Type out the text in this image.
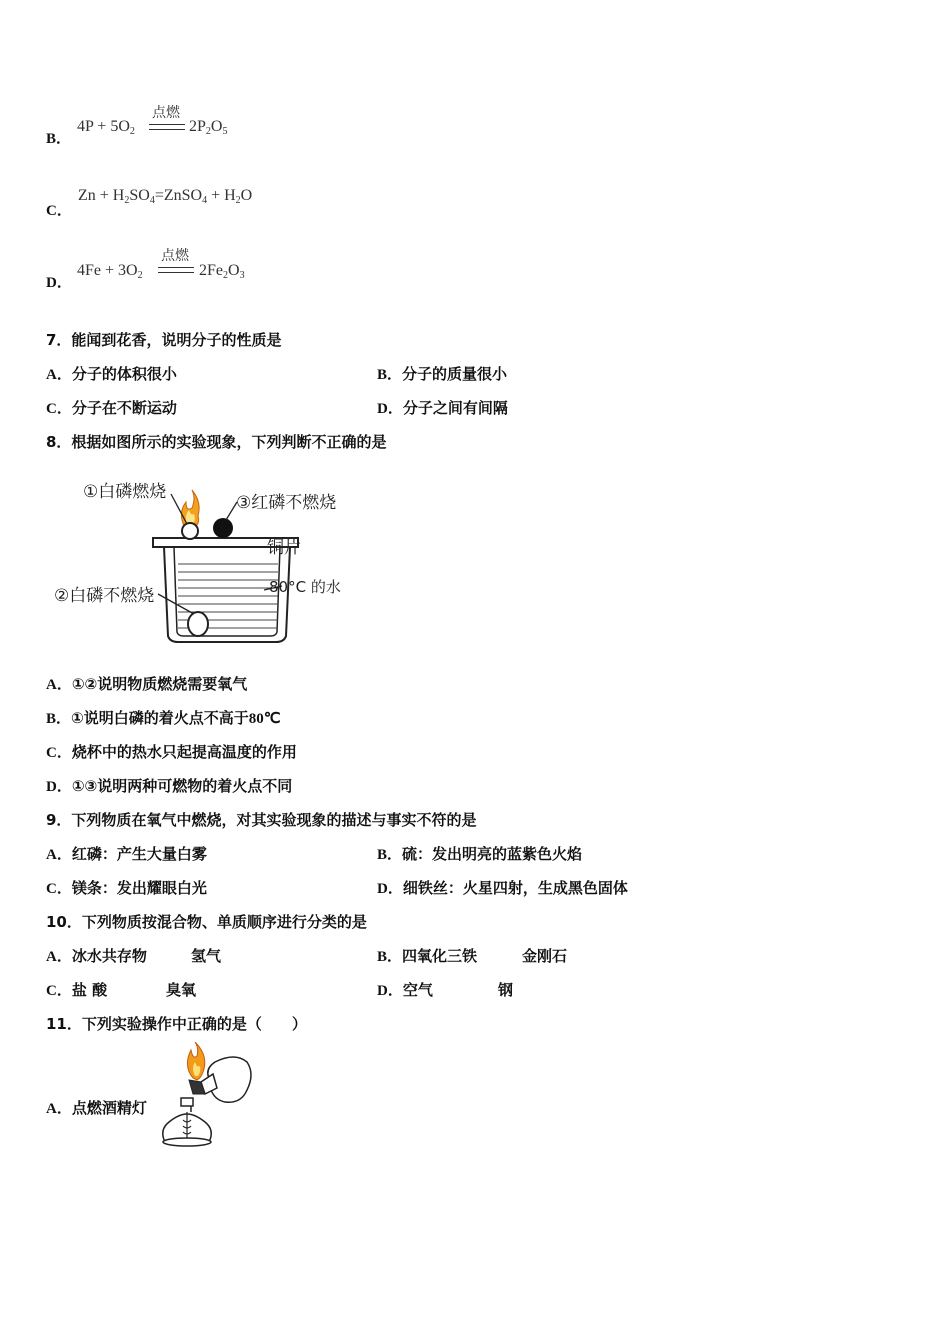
B．
$4P + 5O_2$
点燃
$2P_2O_5$
C．
$Zn + H_2SO_4=ZnSO_4 + H_2O$
D．
$4Fe + 3O_2$
点燃
$2Fe_2O_3$
7．能闻到花香，说明分子的性质是
A．分子的体积很小	B．分子的质量很小
C．分子在不断运动	D．分子之间有间隔
8．根据如图所示的实验现象，下列判断不正确的是
①白磷燃烧
③红磷不燃烧
铜片
②白磷不燃烧	80°C 的水
A．①②说明物质燃烧需要氧气
B．①说明白磷的着火点不高于80℃
C．烧杯中的热水只起提高温度的作用
D．①③说明两种可燃物的着火点不同
9．下列物质在氧气中燃烧，对其实验现象的描述与事实不符的是
A．红磷：产生大量白雾	B．硫：发出明亮的蓝紫色火焰
C．镁条：发出耀眼白光	D．细铁丝：火星四射，生成黑色固体
10．下列物质按混合物、单质顺序进行分类的是
A．冰水共存物	氢气	B．四氧化三铁	金刚石
C．盐 酸	臭氧	D．空气	钢
11．下列实验操作中正确的是（　　）
A．点燃酒精灯
